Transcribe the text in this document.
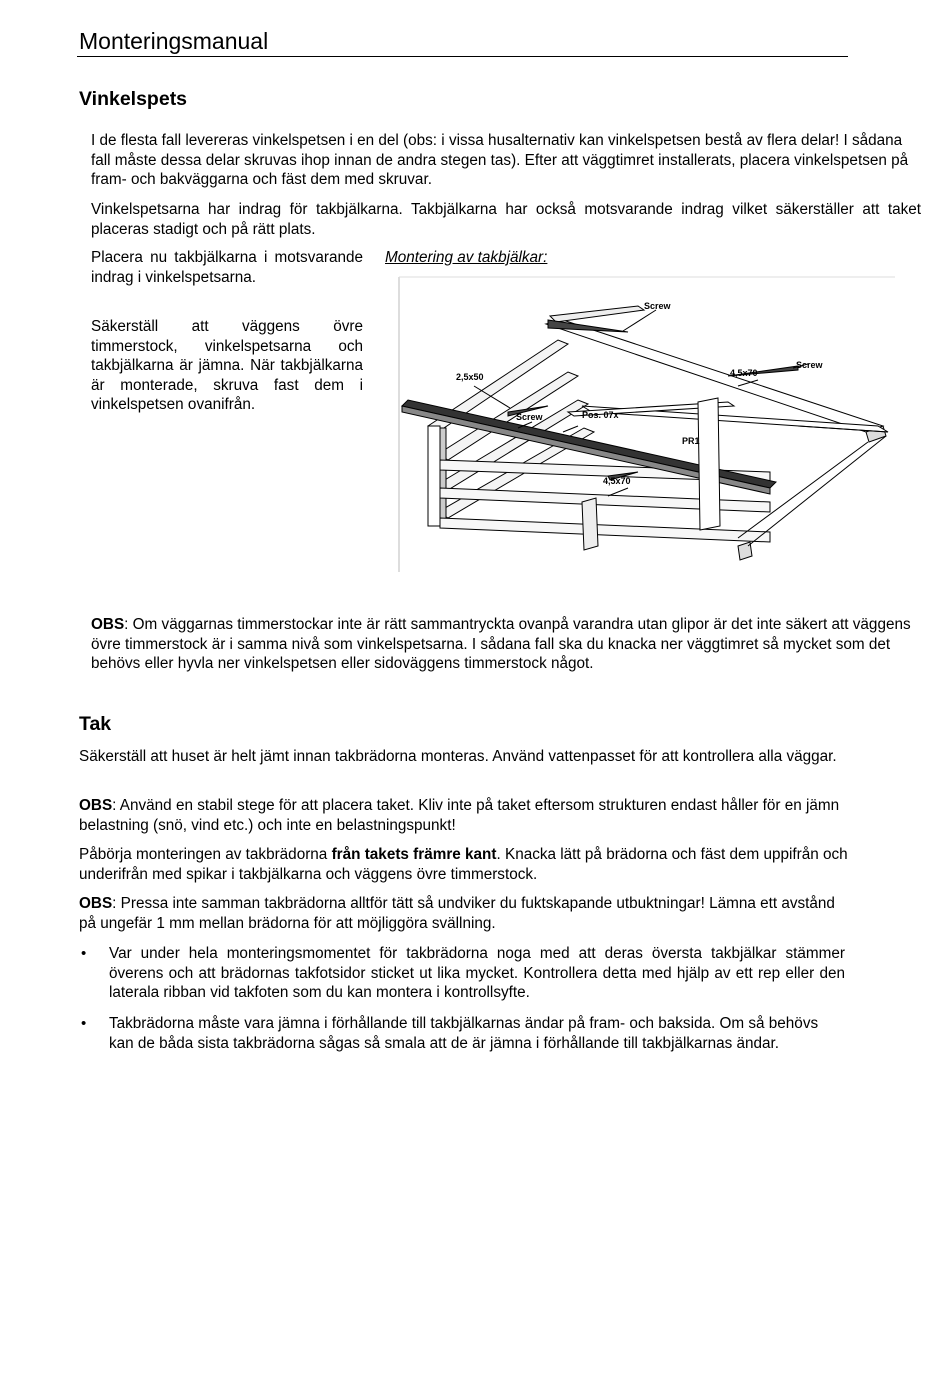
Monteringsmanual
Vinkelspets
I de flesta fall levereras vinkelspetsen i en del (obs: i vissa husalternativ kan vinkelspetsen bestå av flera delar! I sådana fall måste dessa delar skruvas ihop innan de andra stegen tas). Efter att väggtimret installerats, placera vinkelspetsen på fram- och bakväggarna och fäst dem med skruvar.
Vinkelspetsarna har indrag för takbjälkarna. Takbjälkarna har också motsvarande indrag vilket säkerställer att taket placeras stadigt och på rätt plats.
Placera nu takbjälkarna i motsvarande indrag i vinkelspetsarna.
Säkerställ att väggens övre timmerstock, vinkelspetsarna och takbjälkarna är jämna. När takbjälkarna är monterade, skruva fast dem i vinkelspetsen ovanifrån.
Montering av takbjälkar:
Screw
Screw
Screw
2,5x50	4,5x70
4,5x70
Pos. 07x
PR1
OBS: Om väggarnas timmerstockar inte är rätt sammantryckta ovanpå varandra utan glipor är det inte säkert att väggens övre timmerstock är i samma nivå som vinkelspetsarna. I sådana fall ska du knacka ner väggtimret så mycket som det behövs eller hyvla ner vinkelspetsen eller sidoväggens timmerstock något.
Tak
Säkerställ att huset är helt jämt innan takbrädorna monteras. Använd vattenpasset för att kontrollera alla väggar.
OBS: Använd en stabil stege för att placera taket. Kliv inte på taket eftersom strukturen endast håller för en jämn belastning (snö, vind etc.) och inte en belastningspunkt!
Påbörja monteringen av takbrädorna från takets främre kant. Knacka lätt på brädorna och fäst dem uppifrån och underifrån med spikar i takbjälkarna och väggens övre timmerstock.
OBS: Pressa inte samman takbrädorna alltför tätt så undviker du fuktskapande utbuktningar! Lämna ett avstånd på ungefär 1 mm mellan brädorna för att möjliggöra svällning.
• Var under hela monteringsmomentet för takbrädorna noga med att deras översta takbjälkar stämmer överens och att brädornas takfotsidor sticket ut lika mycket. Kontrollera detta med hjälp av ett rep eller den laterala ribban vid takfoten som du kan montera i kontrollsyfte.
• Takbrädorna måste vara jämna i förhållande till takbjälkarnas ändar på fram- och baksida. Om så behövs kan de båda sista takbrädorna sågas så smala att de är jämna i förhållande till takbjälkarnas ändar.
